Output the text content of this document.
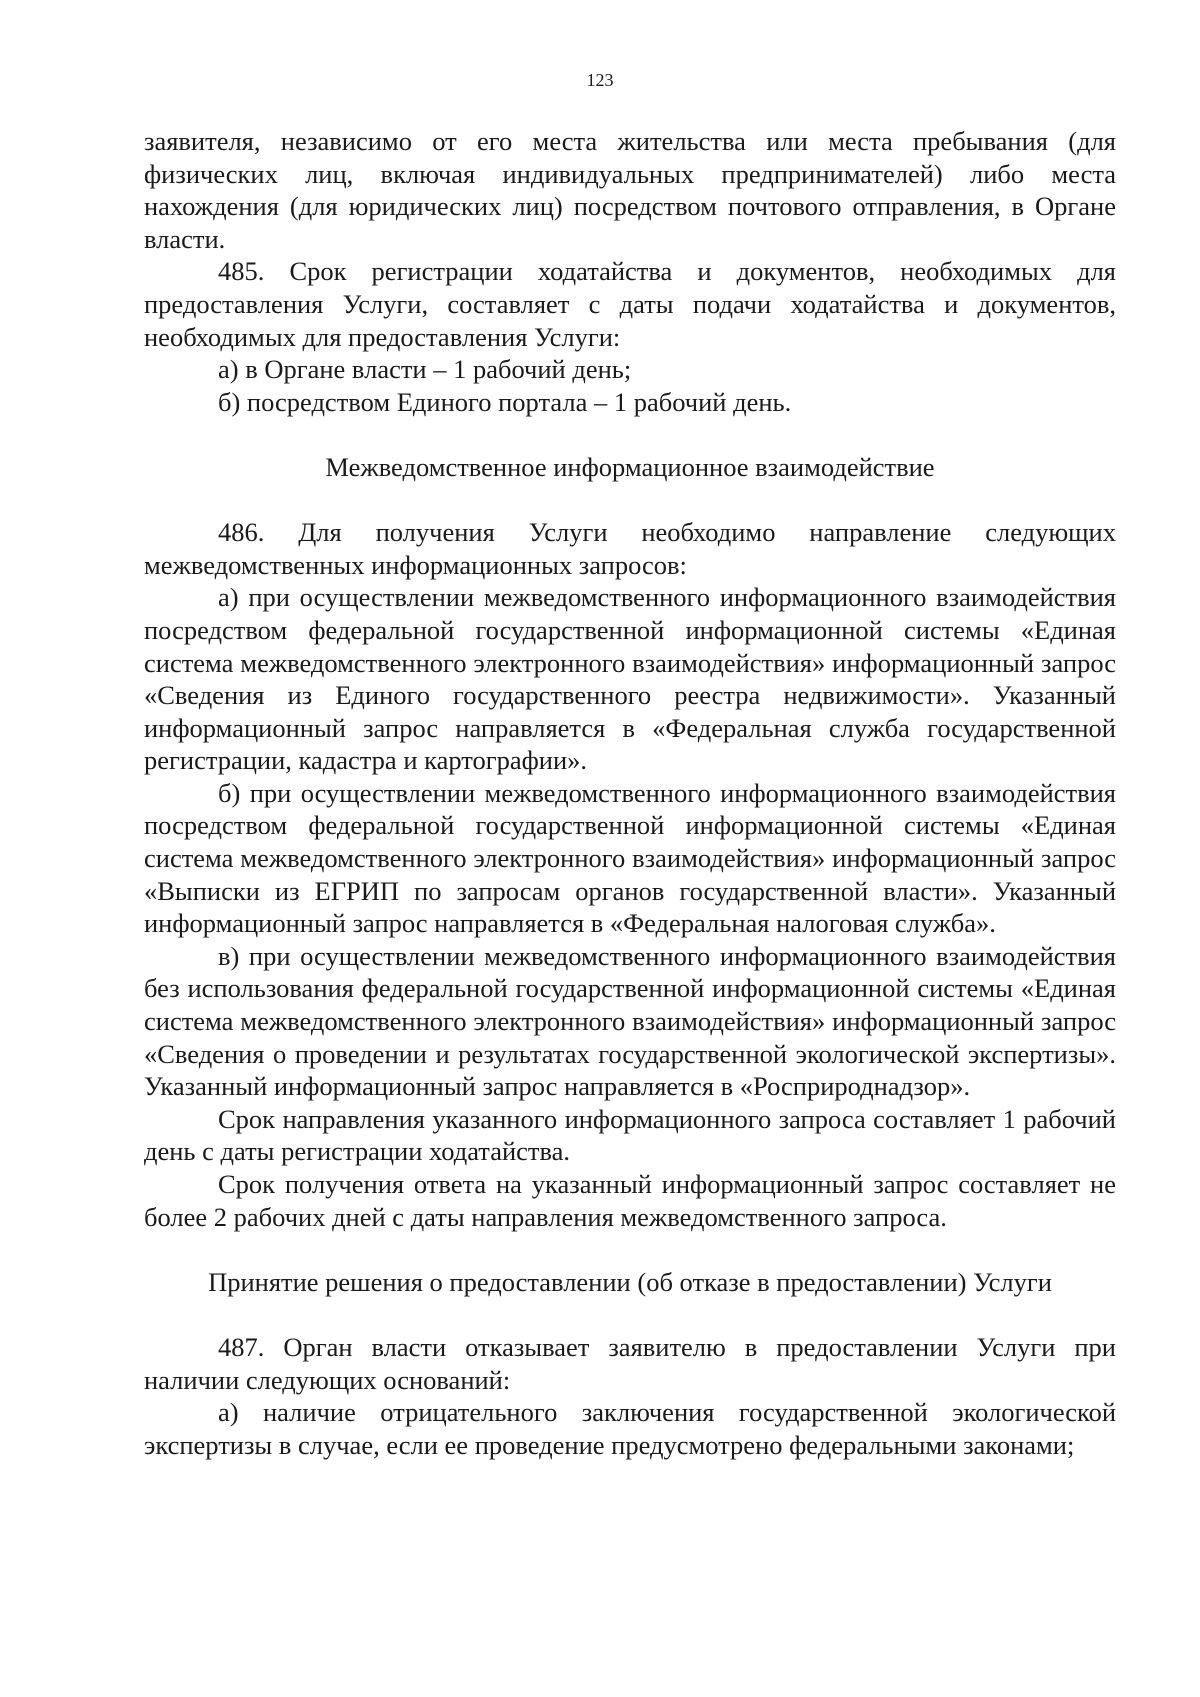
123

заявителя, независимо от его места жительства или места пребывания (для физических лиц, включая индивидуальных предпринимателей) либо места нахождения (для юридических лиц) посредством почтового отправления, в Органе власти.

485. Срок регистрации ходатайства и документов, необходимых для предоставления Услуги, составляет с даты подачи ходатайства и документов, необходимых для предоставления Услуги:

а) в Органе власти – 1 рабочий день;

б) посредством Единого портала – 1 рабочий день.

Межведомственное информационное взаимодействие

486. Для получения Услуги необходимо направление следующих межведомственных информационных запросов:

а) при осуществлении межведомственного информационного взаимодействия посредством федеральной государственной информационной системы «Единая система межведомственного электронного взаимодействия» информационный запрос «Сведения из Единого государственного реестра недвижимости». Указанный информационный запрос направляется в «Федеральная служба государственной регистрации, кадастра и картографии».

б) при осуществлении межведомственного информационного взаимодействия посредством федеральной государственной информационной системы «Единая система межведомственного электронного взаимодействия» информационный запрос «Выписки из ЕГРИП по запросам органов государственной власти». Указанный информационный запрос направляется в «Федеральная налоговая служба».

в) при осуществлении межведомственного информационного взаимодействия без использования федеральной государственной информационной системы «Единая система межведомственного электронного взаимодействия» информационный запрос «Сведения о проведении и результатах государственной экологической экспертизы». Указанный информационный запрос направляется в «Росприроднадзор».

Срок направления указанного информационного запроса составляет 1 рабочий день с даты регистрации ходатайства.

Срок получения ответа на указанный информационный запрос составляет не более 2 рабочих дней с даты направления межведомственного запроса.

Принятие решения о предоставлении (об отказе в предоставлении) Услуги

487. Орган власти отказывает заявителю в предоставлении Услуги при наличии следующих оснований:

а) наличие отрицательного заключения государственной экологической экспертизы в случае, если ее проведение предусмотрено федеральными законами;
